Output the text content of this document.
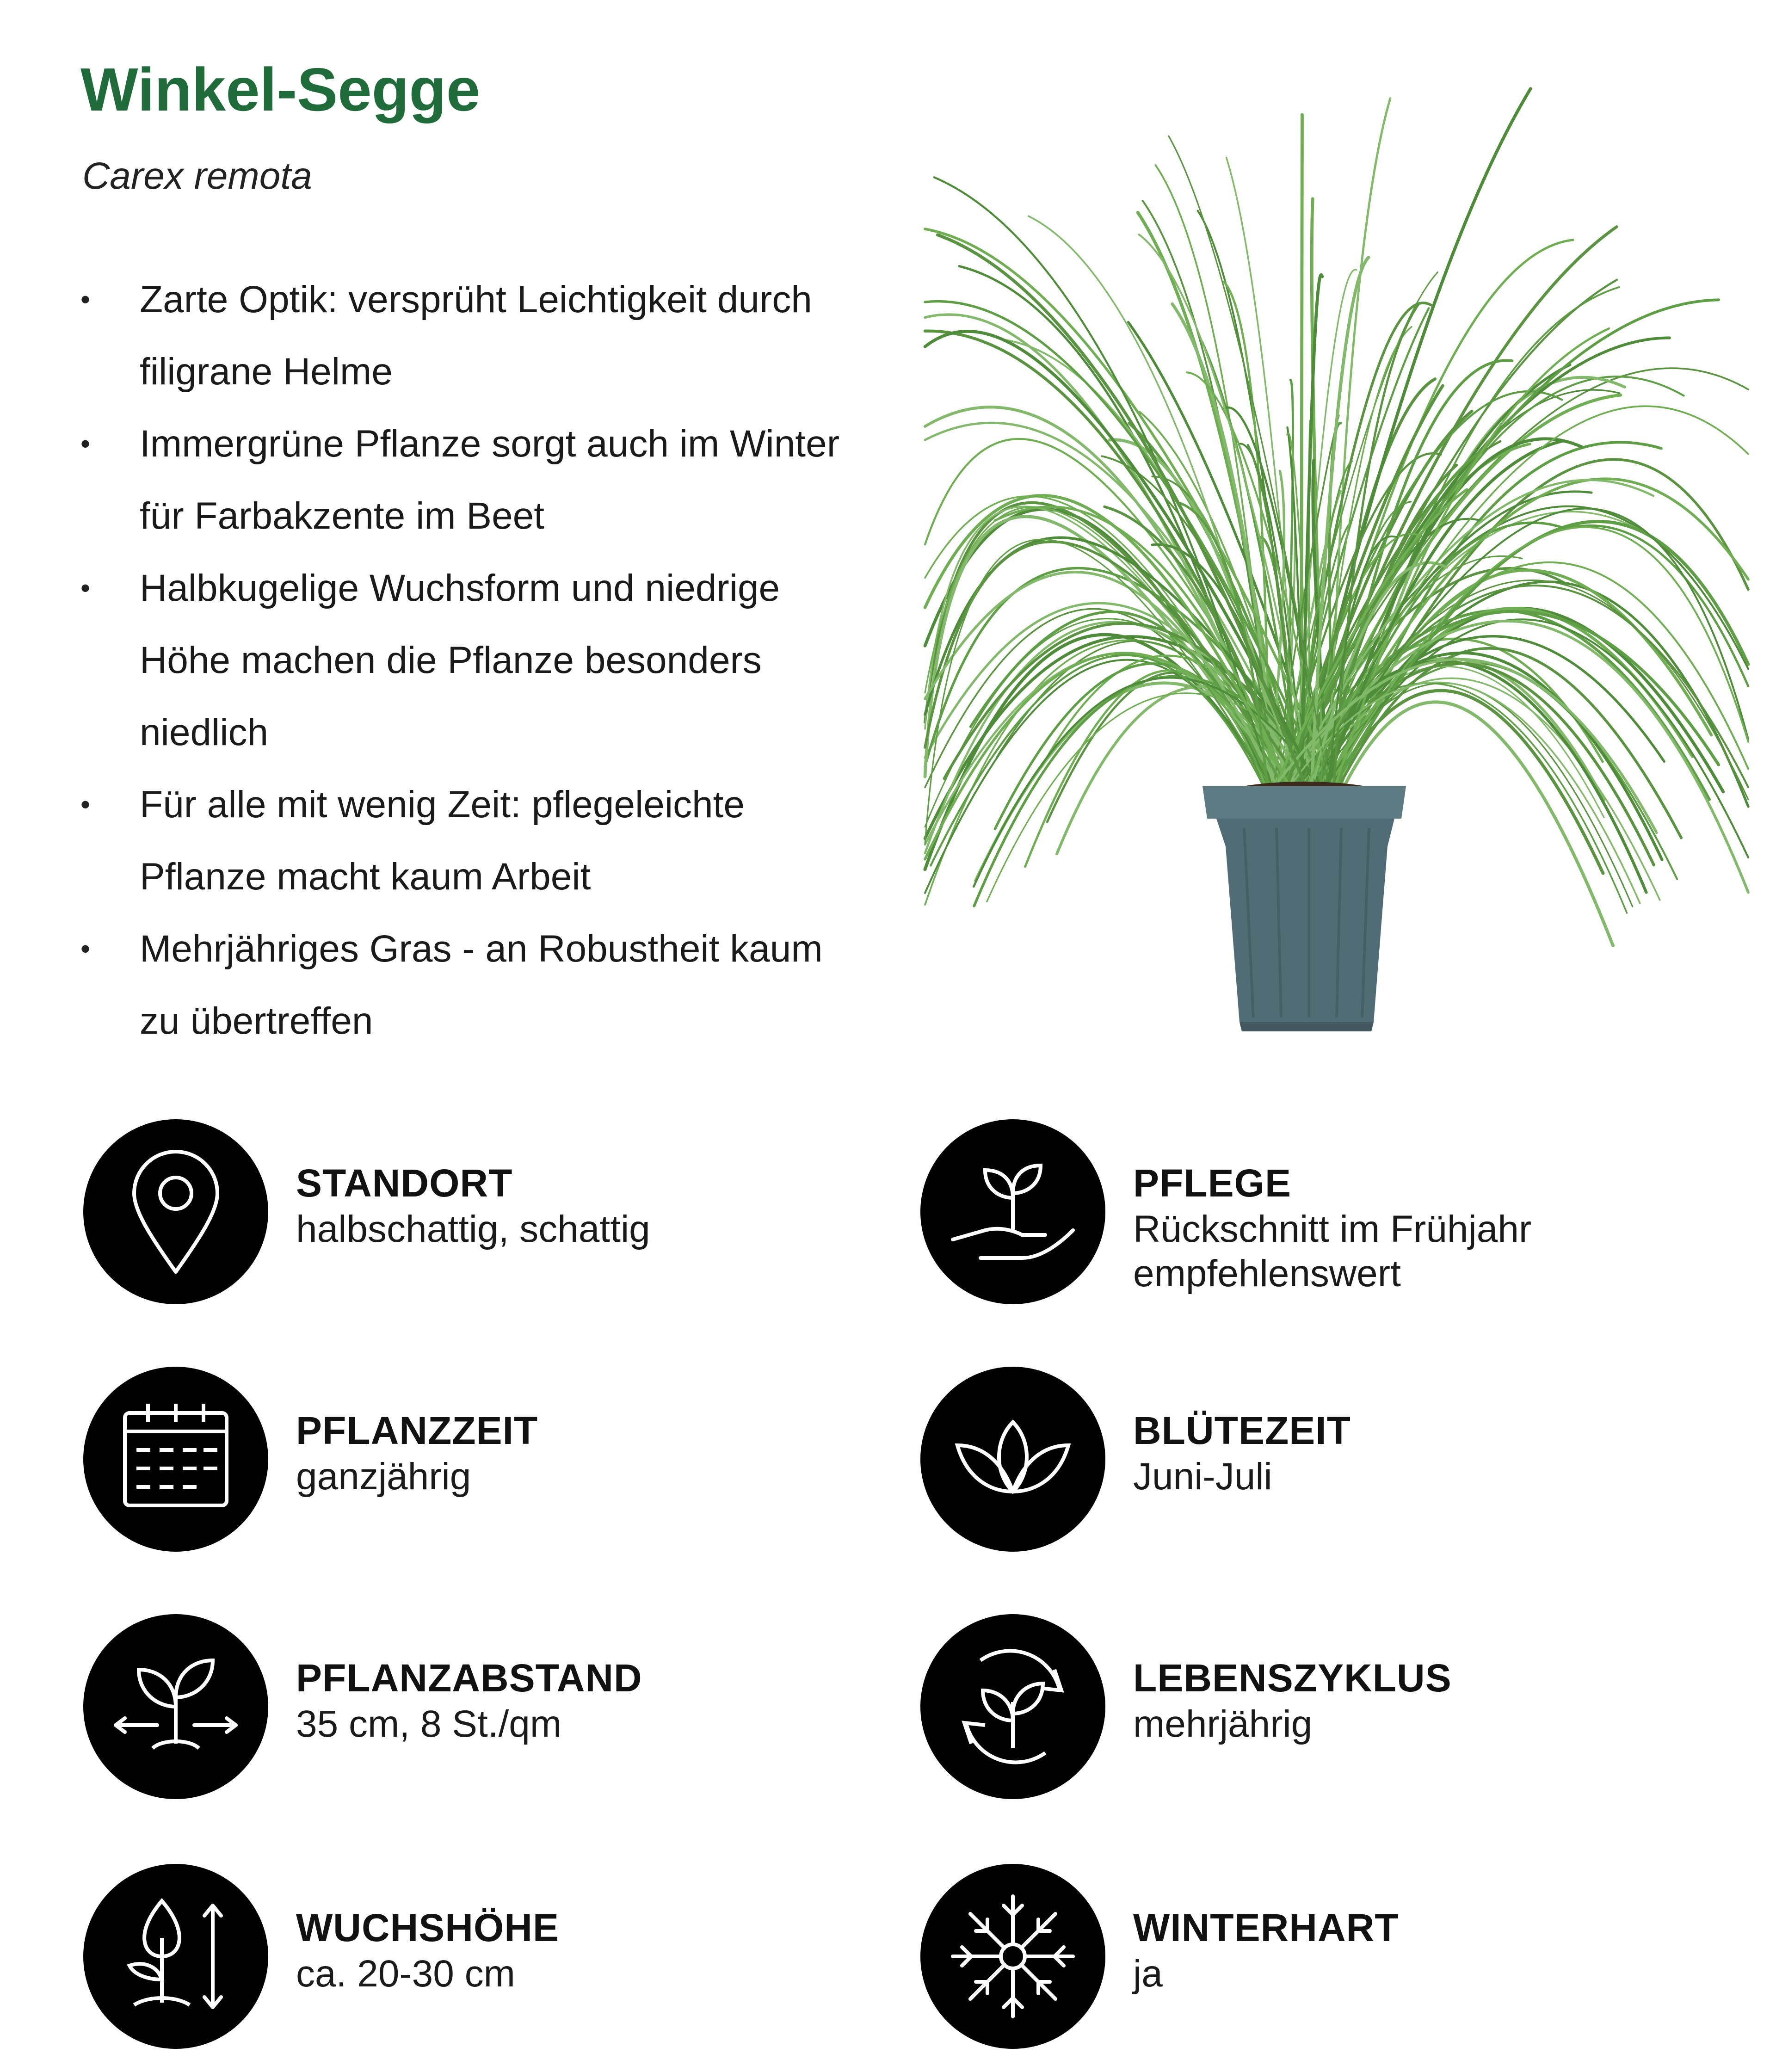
Winkel-Segge
Carex remota
• Zarte Optik: versprüht Leichtigkeit durch filigrane Helme
• Immergrüne Pflanze sorgt auch im Winter für Farbakzente im Beet
• Halbkugelige Wuchsform und niedrige Höhe machen die Pflanze besonders niedlich
• Für alle mit wenig Zeit: pflegeleichte Pflanze macht kaum Arbeit
• Mehrjähriges Gras - an Robustheit kaum zu übertreffen
STANDORT
halbschattig, schattig
PFLEGE
Rückschnitt im Frühjahr empfehlenswert
PFLANZZEIT
ganzjährig
BLÜTEZEIT
Juni-Juli
PFLANZABSTAND
35 cm, 8 St./qm
LEBENSZYKLUS
mehrjährig
WUCHSHÖHE
ca. 20-30 cm
WINTERHART
ja
